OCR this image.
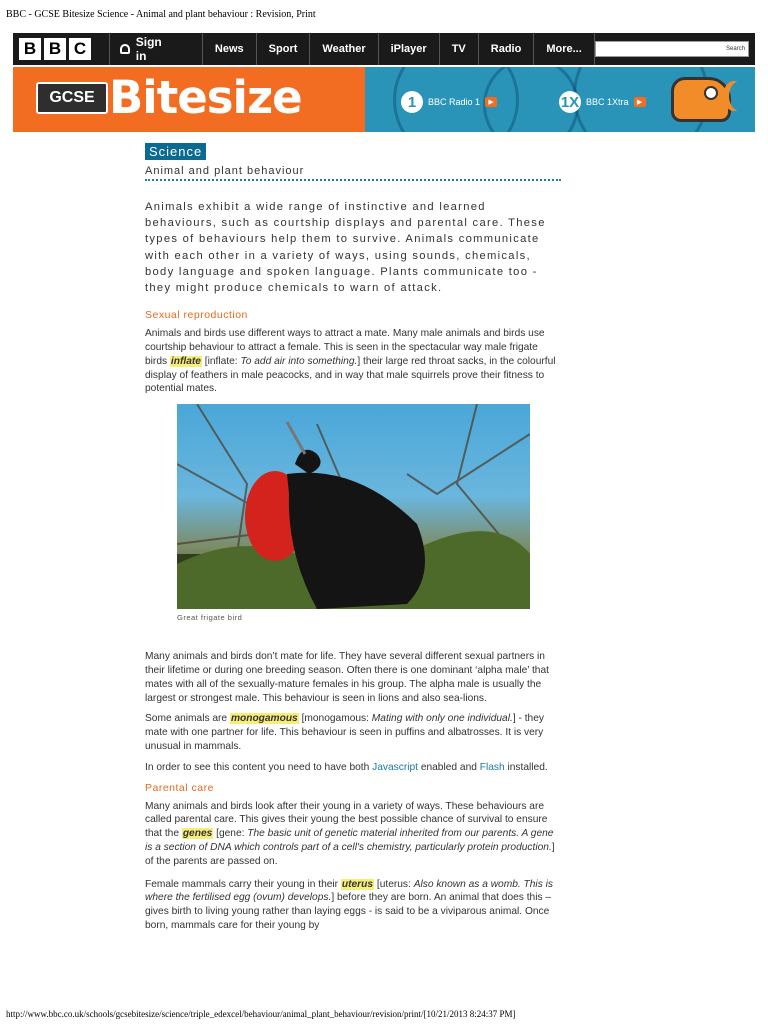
BBC - GCSE Bitesize Science - Animal and plant behaviour : Revision, Print
B B C	Sign in	News	Sport	Weather	iPlayer	TV	Radio	More...	Search
GCSE Bitesize	1	BBC Radio 1	▶	1X BBC 1Xtra	▶
Science
Animal and plant behaviour

Animals exhibit a wide range of instinctive and learned behaviours, such as courtship displays and parental care. These types of behaviours help them to survive. Animals communicate with each other in a variety of ways, using sounds, chemicals, body language and spoken language. Plants communicate too - they might produce chemicals to warn of attack.

Sexual reproduction

Animals and birds use different ways to attract a mate. Many male animals and birds use courtship behaviour to attract a female. This is seen in the spectacular way male frigate birds inflate [inflate: To add air into something.] their large red throat sacks, in the colourful display of feathers in male peacocks, and in way that male squirrels prove their fitness to potential mates.

Great frigate bird

Many animals and birds don’t mate for life. They have several different sexual partners in their lifetime or during one breeding season. Often there is one dominant ‘alpha male’ that mates with all of the sexually-mature females in his group. The alpha male is usually the largest or strongest male. This behaviour is seen in lions and also sea-lions.

Some animals are monogamous [monogamous: Mating with only one individual.] - they mate with one partner for life. This behaviour is seen in puffins and albatrosses. It is very unusual in mammals.

In order to see this content you need to have both Javascript enabled and Flash installed.

Parental care

Many animals and birds look after their young in a variety of ways. These behaviours are called parental care. This gives their young the best possible chance of survival to ensure that the genes [gene: The basic unit of genetic material inherited from our parents. A gene is a section of DNA which controls part of a cell's chemistry, particularly protein production.] of the parents are passed on.

Female mammals carry their young in their uterus [uterus: Also known as a womb. This is where the fertilised egg (ovum) develops.] before they are born. An animal that does this – gives birth to living young rather than laying eggs - is said to be a viviparous animal. Once born, mammals care for their young by

http://www.bbc.co.uk/schools/gcsebitesize/science/triple_edexcel/behaviour/animal_plant_behaviour/revision/print/[10/21/2013 8:24:37 PM]
